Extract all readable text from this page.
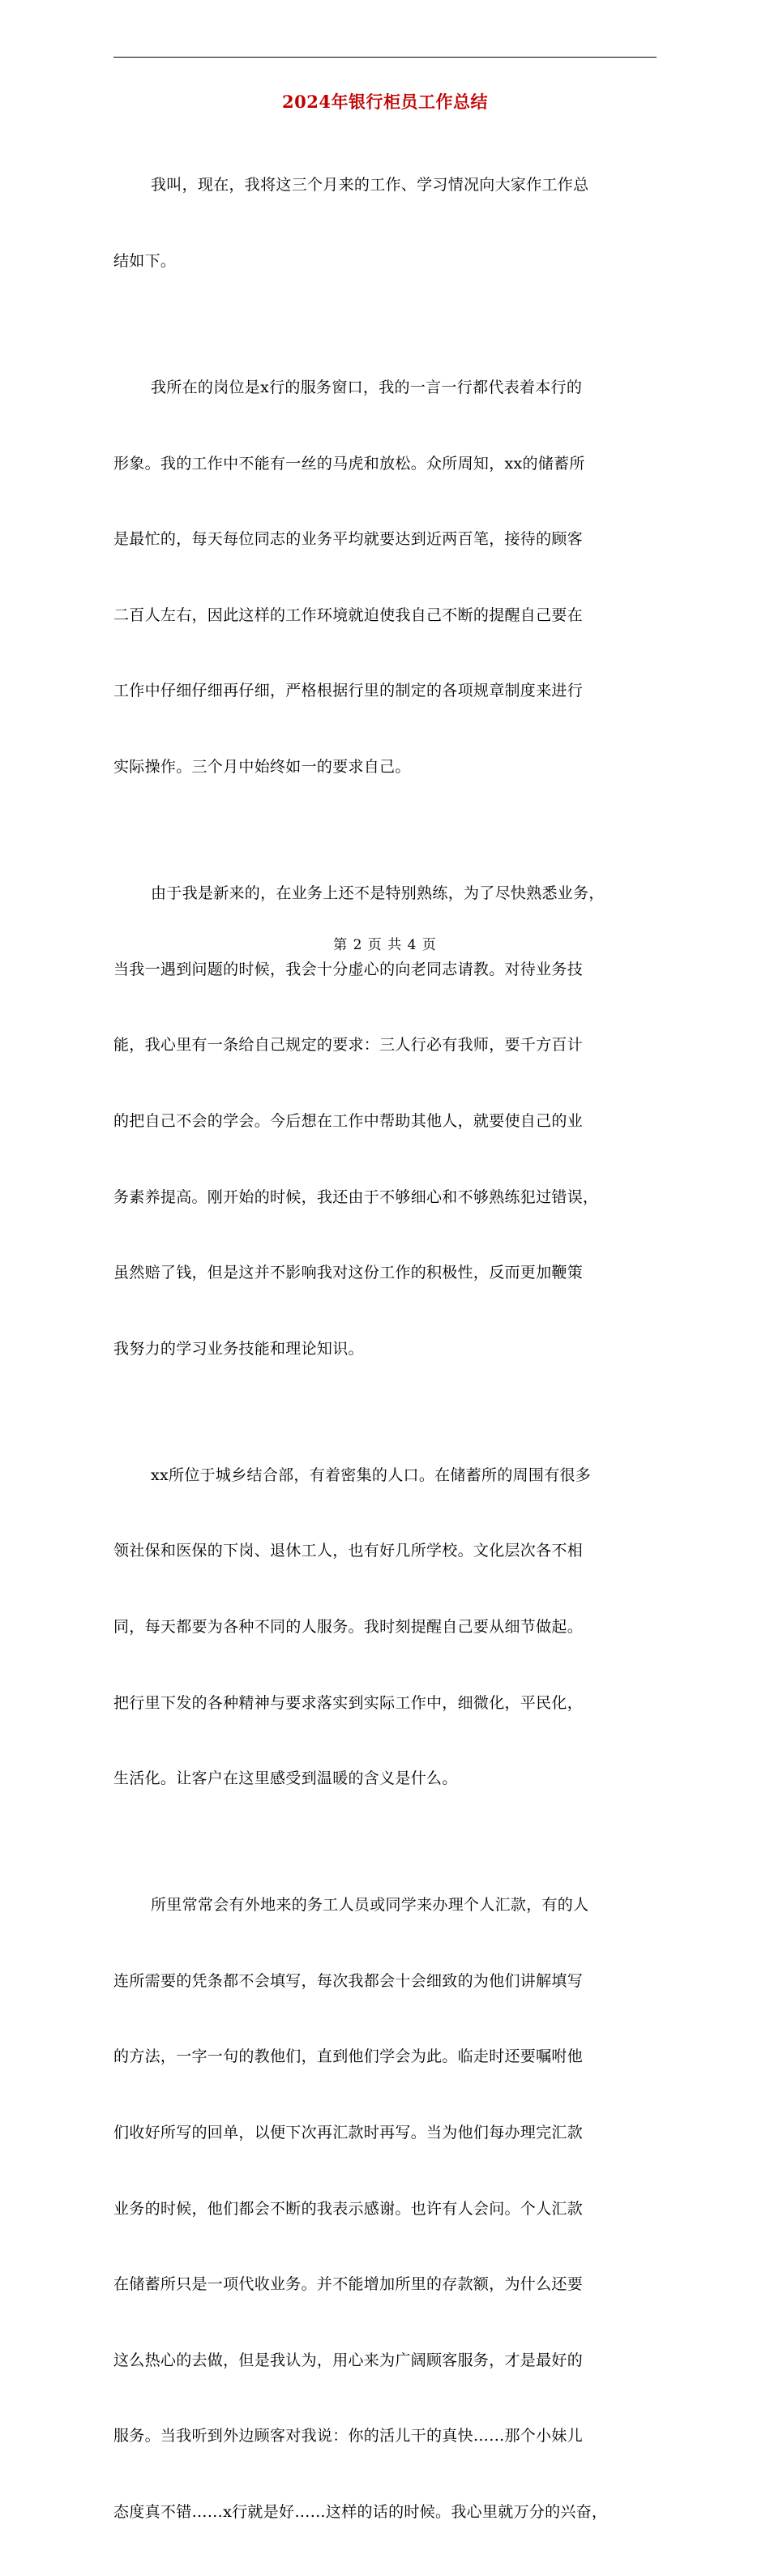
2024年银行柜员工作总结

我叫，现在，我将这三个月来的工作、学习情况向大家作工作总

结如下。

我所在的岗位是x行的服务窗口，我的一言一行都代表着本行的

形象。我的工作中不能有一丝的马虎和放松。众所周知，xx的储蓄所

是最忙的，每天每位同志的业务平均就要达到近两百笔，接待的顾客

二百人左右，因此这样的工作环境就迫使我自己不断的提醒自己要在

工作中仔细仔细再仔细，严格根据行里的制定的各项规章制度来进行

实际操作。三个月中始终如一的要求自己。

由于我是新来的，在业务上还不是特别熟练，为了尽快熟悉业务，

当我一遇到问题的时候，我会十分虚心的向老同志请教。对待业务技

能，我心里有一条给自己规定的要求：三人行必有我师，要千方百计

的把自己不会的学会。今后想在工作中帮助其他人，就要使自己的业

务素养提高。刚开始的时候，我还由于不够细心和不够熟练犯过错误，

虽然赔了钱，但是这并不影响我对这份工作的积极性，反而更加鞭策

我努力的学习业务技能和理论知识。

xx所位于城乡结合部，有着密集的人口。在储蓄所的周围有很多

领社保和医保的下岗、退休工人，也有好几所学校。文化层次各不相

同，每天都要为各种不同的人服务。我时刻提醒自己要从细节做起。

把行里下发的各种精神与要求落实到实际工作中，细微化，平民化，

生活化。让客户在这里感受到温暖的含义是什么。

所里常常会有外地来的务工人员或同学来办理个人汇款，有的人

连所需要的凭条都不会填写，每次我都会十会细致的为他们讲解填写

的方法，一字一句的教他们，直到他们学会为此。临走时还要嘱咐他

们收好所写的回单，以便下次再汇款时再写。当为他们每办理完汇款

业务的时候，他们都会不断的我表示感谢。也许有人会问。个人汇款

在储蓄所只是一项代收业务。并不能增加所里的存款额，为什么还要

这么热心的去做，但是我认为，用心来为广阔顾客服务，才是最好的

服务。当我听到外边顾客对我说：你的活儿干的真快……那个小妹儿

态度真不错……x行就是好……这样的话的时候。我心里就万分的兴奋，

第 2 页 共 4 页
